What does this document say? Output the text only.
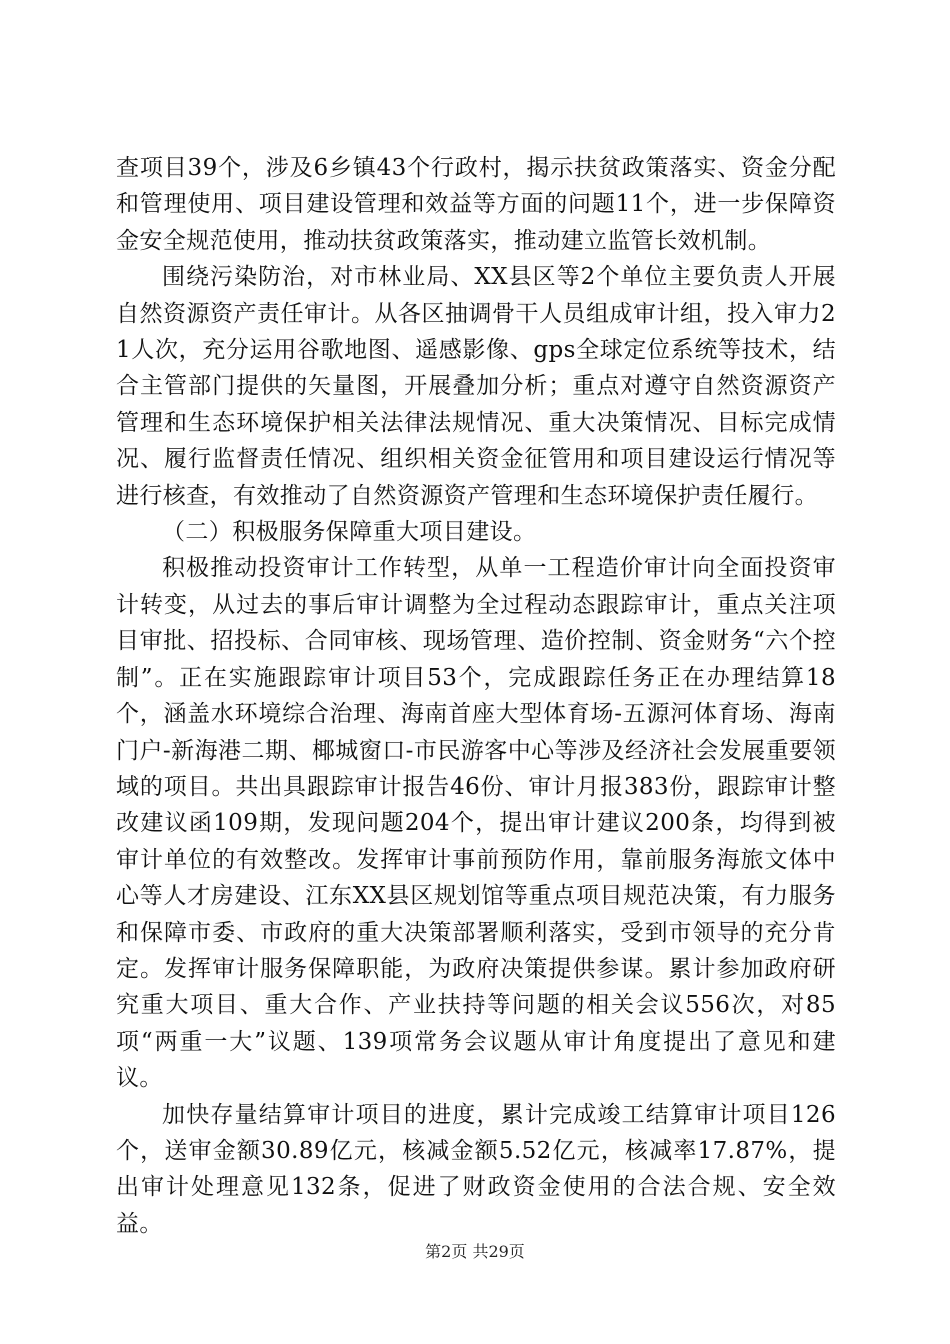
查项目39个，涉及6乡镇43个行政村，揭示扶贫政策落实、资金分配和管理使用、项目建设管理和效益等方面的问题11个，进一步保障资金安全规范使用，推动扶贫政策落实，推动建立监管长效机制。

围绕污染防治，对市林业局、XX县区等2个单位主要负责人开展自然资源资产责任审计。从各区抽调骨干人员组成审计组，投入审力21人次，充分运用谷歌地图、遥感影像、gps全球定位系统等技术，结合主管部门提供的矢量图，开展叠加分析；重点对遵守自然资源资产管理和生态环境保护相关法律法规情况、重大决策情况、目标完成情况、履行监督责任情况、组织相关资金征管用和项目建设运行情况等进行核查，有效推动了自然资源资产管理和生态环境保护责任履行。

（二）积极服务保障重大项目建设。

积极推动投资审计工作转型，从单一工程造价审计向全面投资审计转变，从过去的事后审计调整为全过程动态跟踪审计，重点关注项目审批、招投标、合同审核、现场管理、造价控制、资金财务“六个控制”。正在实施跟踪审计项目53个，完成跟踪任务正在办理结算18个，涵盖水环境综合治理、海南首座大型体育场-五源河体育场、海南门户-新海港二期、椰城窗口-市民游客中心等涉及经济社会发展重要领域的项目。共出具跟踪审计报告46份、审计月报383份，跟踪审计整改建议函109期，发现问题204个，提出审计建议200条，均得到被审计单位的有效整改。发挥审计事前预防作用，靠前服务海旅文体中心等人才房建设、江东XX县区规划馆等重点项目规范决策，有力服务和保障市委、市政府的重大决策部署顺利落实，受到市领导的充分肯定。发挥审计服务保障职能，为政府决策提供参谋。累计参加政府研究重大项目、重大合作、产业扶持等问题的相关会议556次，对85项“两重一大”议题、139项常务会议题从审计角度提出了意见和建议。

加快存量结算审计项目的进度，累计完成竣工结算审计项目126个，送审金额30.89亿元，核减金额5.52亿元，核减率17.87%，提出审计处理意见132条，促进了财政资金使用的合法合规、安全效益。

第2页 共29页
